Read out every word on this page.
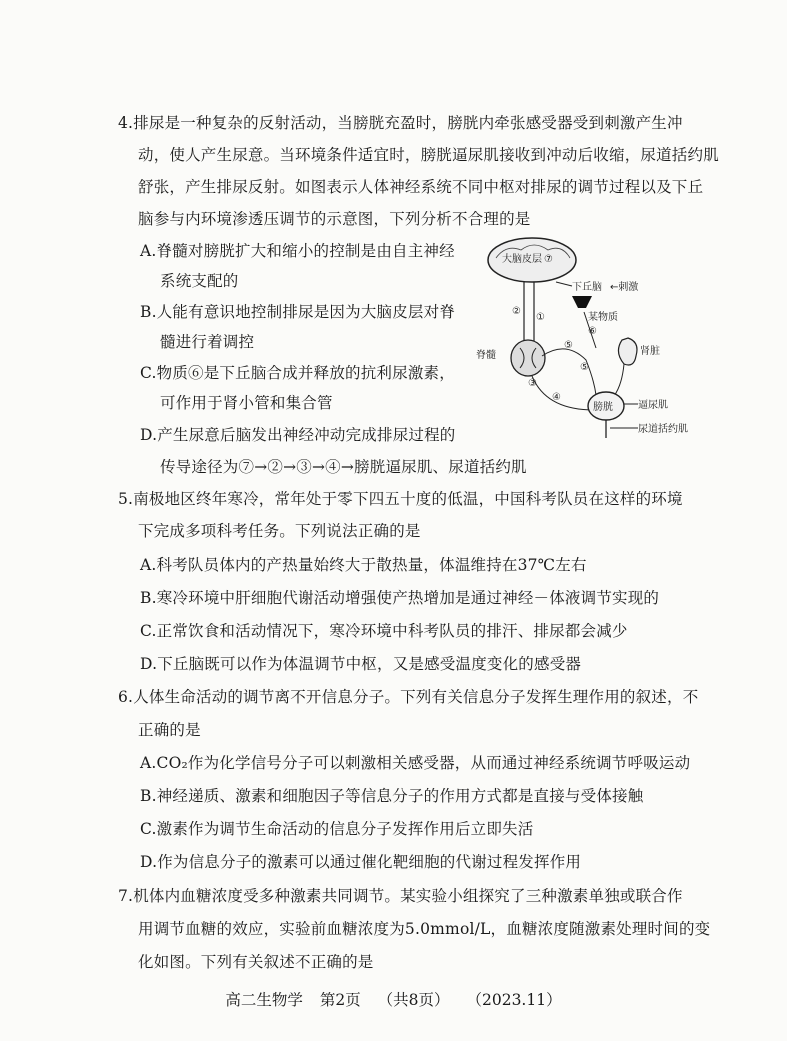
4.排尿是一种复杂的反射活动，当膀胱充盈时，膀胱内牵张感受器受到刺激产生冲
动，使人产生尿意。当环境条件适宜时，膀胱逼尿肌接收到冲动后收缩，尿道括约肌
舒张，产生排尿反射。如图表示人体神经系统不同中枢对排尿的调节过程以及下丘
脑参与内环境渗透压调节的示意图，下列分析不合理的是
A.脊髓对膀胱扩大和缩小的控制是由自主神经
系统支配的
B.人能有意识地控制排尿是因为大脑皮层对脊
髓进行着调控
C.物质⑥是下丘脑合成并释放的抗利尿激素，
可作用于肾小管和集合管
D.产生尿意后脑发出神经冲动完成排尿过程的
传导途径为⑦→②→③→④→膀胱逼尿肌、尿道括约肌
大脑皮层 ⑦
下丘脑 ←刺激
某物质
⑥
②
①
脊髓
③
⑤
④
⑤
肾脏
膀胱	逼尿肌
尿道括约肌
5.南极地区终年寒冷，常年处于零下四五十度的低温，中国科考队员在这样的环境
下完成多项科考任务。下列说法正确的是
A.科考队员体内的产热量始终大于散热量，体温维持在37℃左右
B.寒冷环境中肝细胞代谢活动增强使产热增加是通过神经－体液调节实现的
C.正常饮食和活动情况下，寒冷环境中科考队员的排汗、排尿都会减少
D.下丘脑既可以作为体温调节中枢，又是感受温度变化的感受器
6.人体生命活动的调节离不开信息分子。下列有关信息分子发挥生理作用的叙述，不
正确的是
A.CO₂作为化学信号分子可以刺激相关感受器，从而通过神经系统调节呼吸运动
B.神经递质、激素和细胞因子等信息分子的作用方式都是直接与受体接触
C.激素作为调节生命活动的信息分子发挥作用后立即失活
D.作为信息分子的激素可以通过催化靶细胞的代谢过程发挥作用
7.机体内血糖浓度受多种激素共同调节。某实验小组探究了三种激素单独或联合作
用调节血糖的效应，实验前血糖浓度为5.0mmol/L，血糖浓度随激素处理时间的变
化如图。下列有关叙述不正确的是
高二生物学 第2页 （共8页） （2023.11）
